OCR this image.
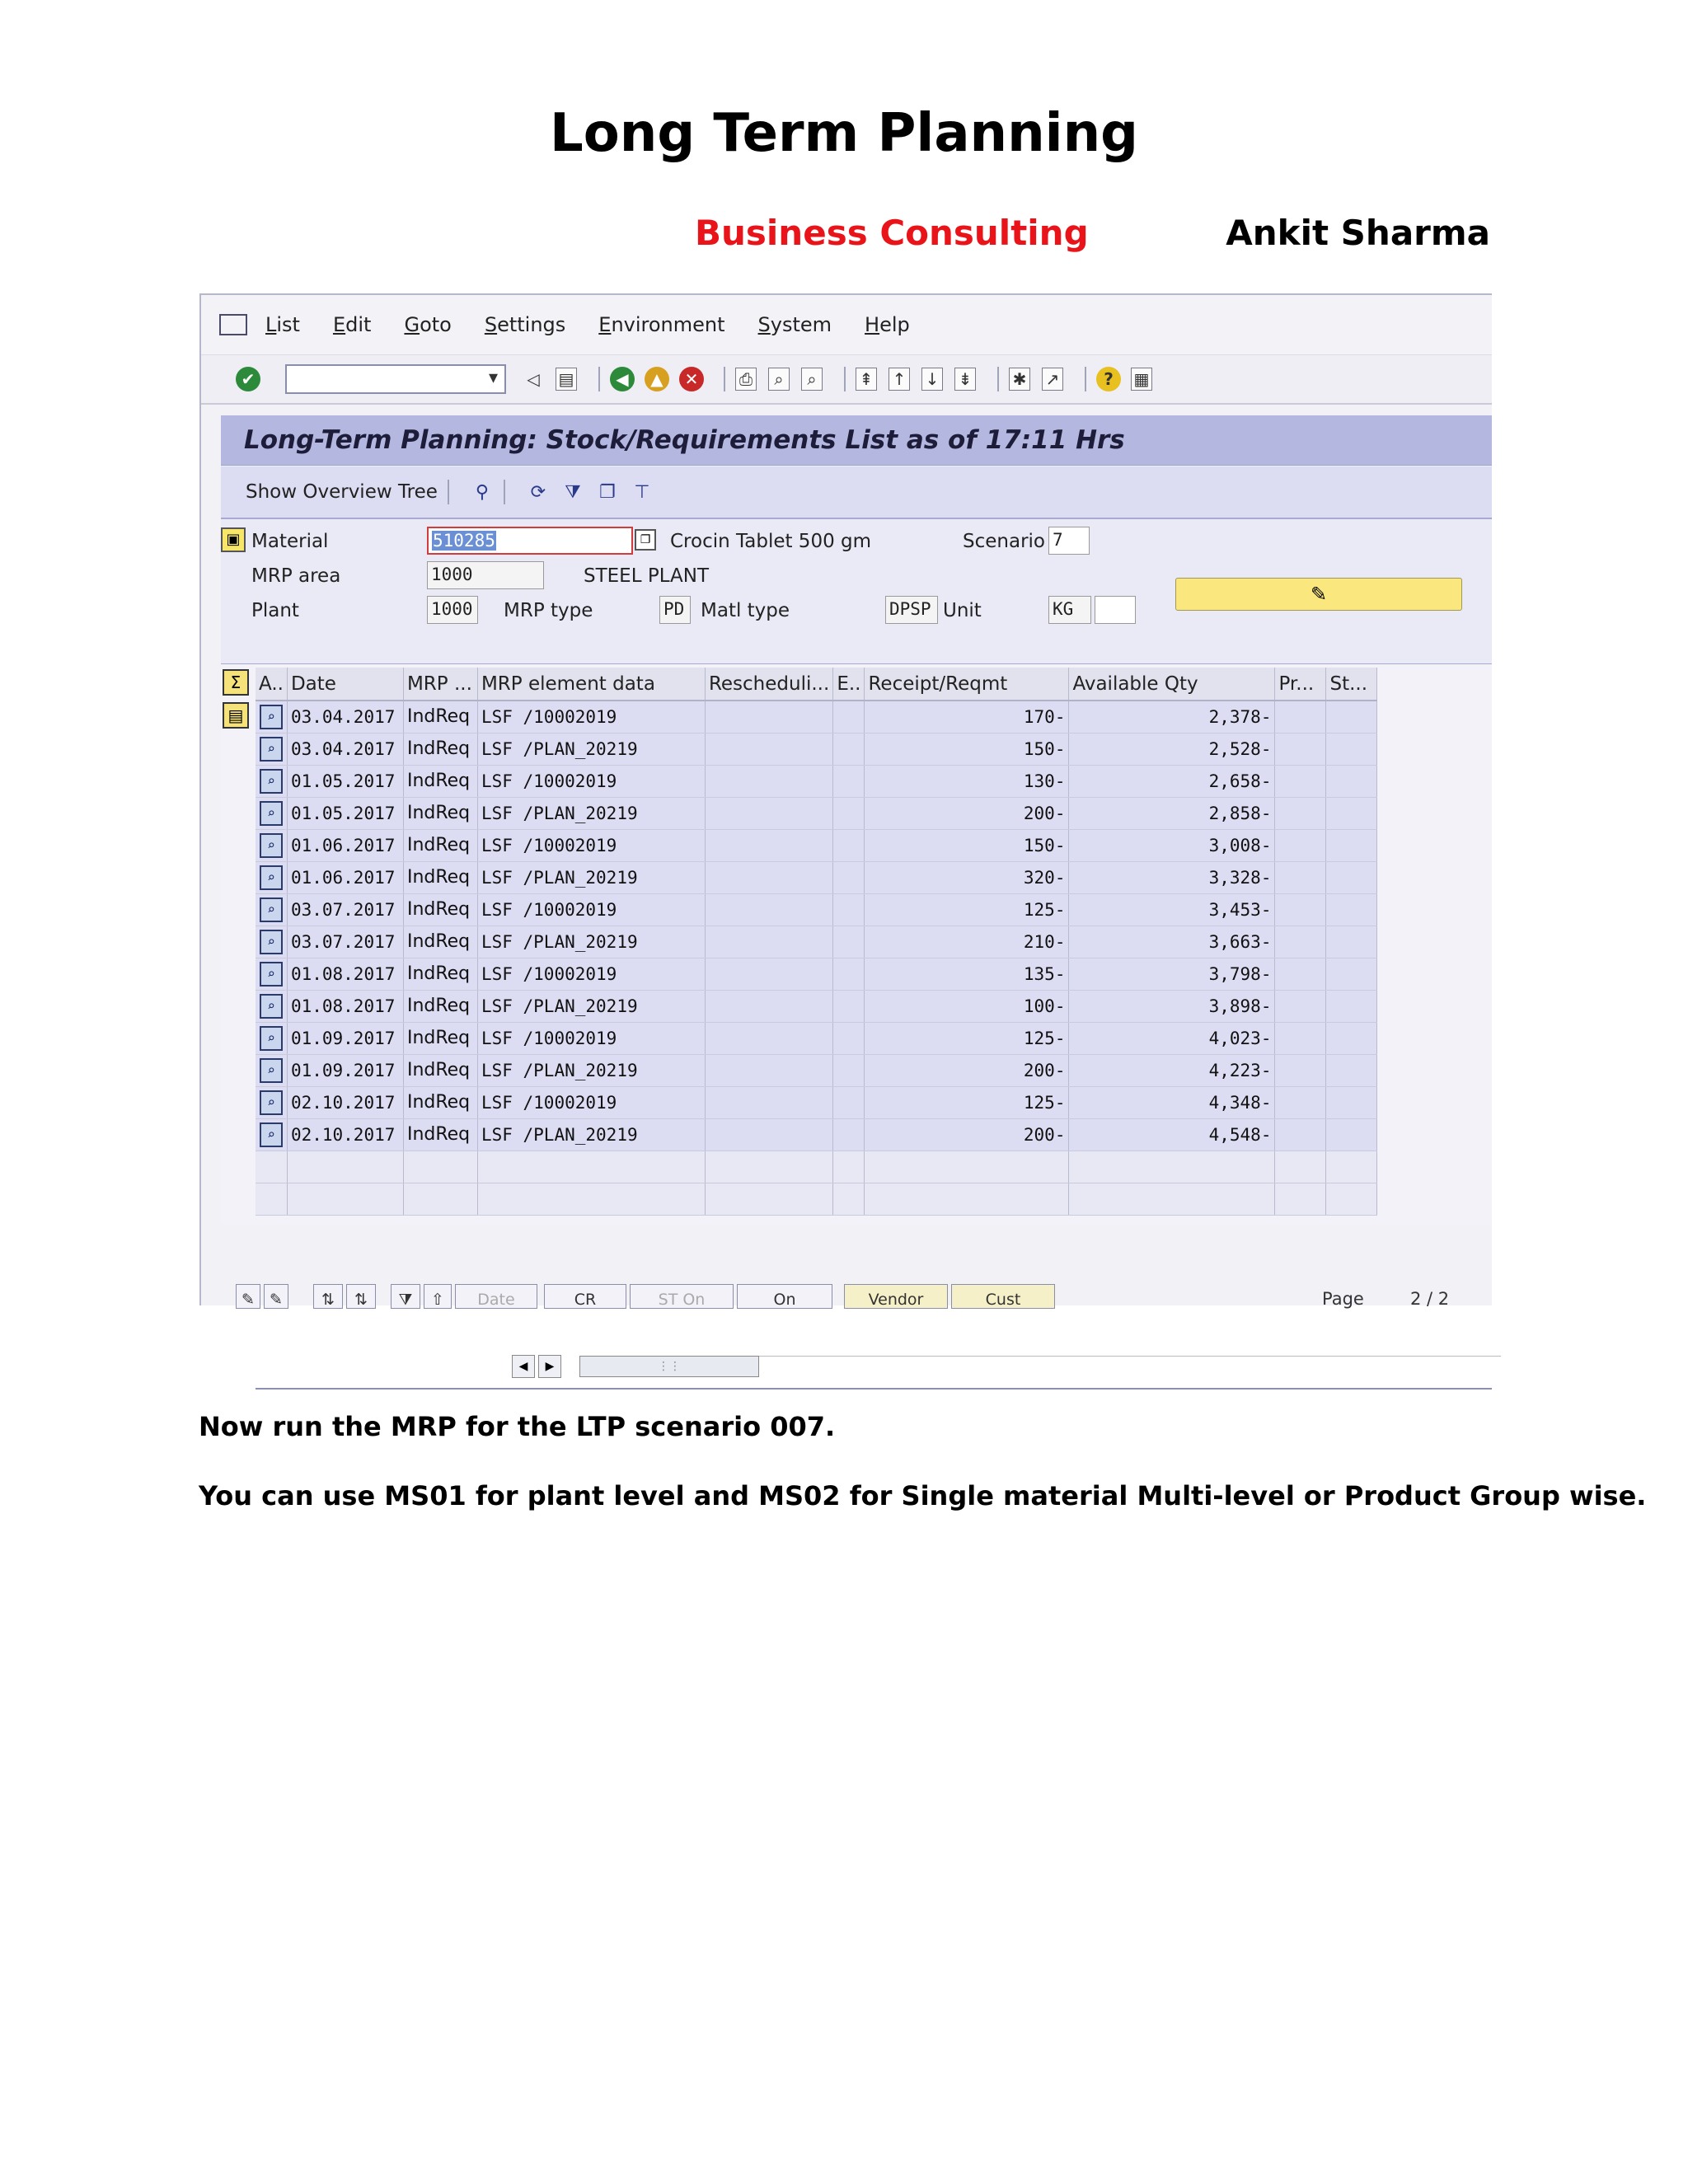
Long Term Planning
Business Consulting	Ankit Sharma
List Edit Goto Settings Environment System Help
✔ ▾	◁ ▤	◀	▲	✕	⎙	⌕	⌕	⇞ ↑ ↓ ⇟ ✱ ↗	?	▦
Long-Term Planning: Stock/Requirements List as of 17:11 Hrs
Show Overview Tree ⚲ ⟳ ⧩ ❐ ⊤
▣ Material	510285	❐ Crocin Tablet 500 gm	Scenario 7
MRP area	1000	STEEL PLANT
Plant	1000 MRP type	PD Matl type	DPSP Unit	KG
✎
Σ
▤
A..	Date	MRP ...	MRP element data	Rescheduli...	E..	Receipt/Reqmt	Available Qty	Pr...	St...
⌕	03.04.2017	IndReq	LSF /10002019			170-	2,378-		
⌕	03.04.2017	IndReq	LSF /PLAN_20219			150-	2,528-		
⌕	01.05.2017	IndReq	LSF /10002019			130-	2,658-		
⌕	01.05.2017	IndReq	LSF /PLAN_20219			200-	2,858-		
⌕	01.06.2017	IndReq	LSF /10002019			150-	3,008-		
⌕	01.06.2017	IndReq	LSF /PLAN_20219			320-	3,328-		
⌕	03.07.2017	IndReq	LSF /10002019			125-	3,453-		
⌕	03.07.2017	IndReq	LSF /PLAN_20219			210-	3,663-		
⌕	01.08.2017	IndReq	LSF /10002019			135-	3,798-		
⌕	01.08.2017	IndReq	LSF /PLAN_20219			100-	3,898-		
⌕	01.09.2017	IndReq	LSF /10002019			125-	4,023-		
⌕	01.09.2017	IndReq	LSF /PLAN_20219			200-	4,223-		
⌕	02.10.2017	IndReq	LSF /10002019			125-	4,348-		
⌕	02.10.2017	IndReq	LSF /PLAN_20219			200-	4,548-		

◀	▶	⋮⋮
✎ ✎	⇅	⇅	⧩	⇧	Date	CR	ST On	On	Vendor	Cust	Page	2 / 2
Now run the MRP for the LTP scenario 007.
You can use MS01 for plant level and MS02 for Single material Multi-level or Product Group wise.
